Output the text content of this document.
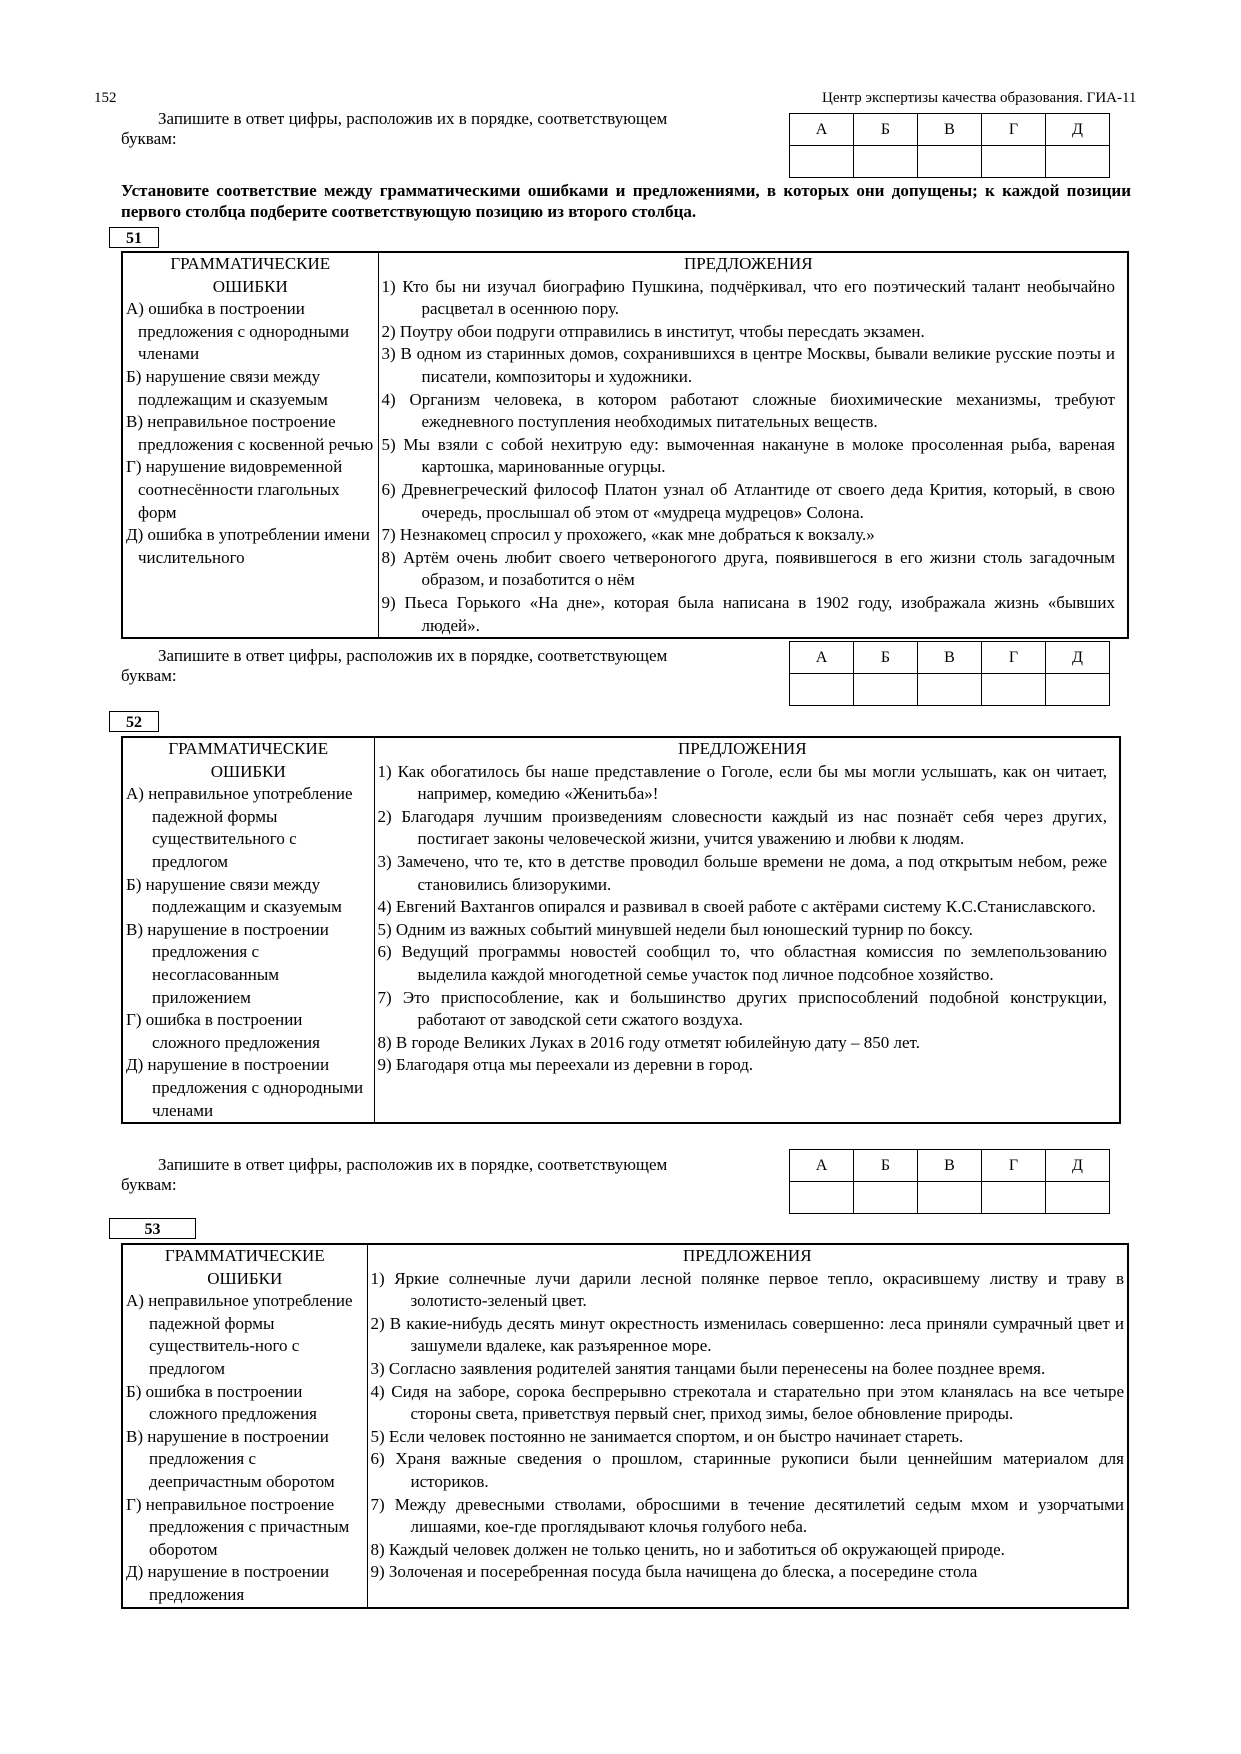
152	Центр экспертизы качества образования. ГИА-11
Запишите в ответ цифры, расположив их в порядке, соответствующем
буквам:	А	Б	В	Г	Д

Установите соответствие между грамматическими ошибками и предложениями, в которых они допущены; к каждой позиции первого столбца подберите соответствующую позицию из второго столбца.
51
ГРАММАТИЧЕСКИЕ ОШИБКИ
А) ошибка в построении предложения с однородными членами
Б) нарушение связи между подлежащим и сказуемым
В) неправильное построение предложения с косвенной речью
Г) нарушение видовременной соотнесённости глагольных форм
Д) ошибка в употреблении имени числительного

ПРЕДЛОЖЕНИЯ
1) Кто бы ни изучал биографию Пушкина, подчёркивал, что его поэтический талант необычайно расцветал в осеннюю пору.
2) Поутру обои подруги отправились в институт, чтобы пересдать экзамен.
3) В одном из старинных домов, сохранившихся в центре Москвы, бывали великие русские поэты и писатели, композиторы и художники.
4) Организм человека, в котором работают сложные биохимические механизмы, требуют ежедневного поступления необходимых питательных веществ.
5) Мы взяли с собой нехитрую еду: вымоченная накануне в молоке просоленная рыба, вареная картошка, маринованные огурцы.
6) Древнегреческий философ Платон узнал об Атлантиде от своего деда Крития, который, в свою очередь, прослышал об этом от «мудреца мудрецов» Солона.
7) Незнакомец спросил у прохожего, «как мне добраться к вокзалу.»
8) Артём очень любит своего четвероногого друга, появившегося в его жизни столь загадочным образом, и позаботится о нём
9) Пьеса Горького «На дне», которая была написана в 1902 году, изображала жизнь «бывших людей».
Запишите в ответ цифры, расположив их в порядке, соответствующем
буквам:
А	Б	В	Г	Д

52
ГРАММАТИЧЕСКИЕ ОШИБКИ
А) неправильное употребление падежной формы существительного с предлогом
Б) нарушение связи между подлежащим и сказуемым
В) нарушение в построении предложения с несогласованным приложением
Г) ошибка в построении сложного предложения
Д) нарушение в построении предложения с однородными членами

ПРЕДЛОЖЕНИЯ
1) Как обогатилось бы наше представление о Гоголе, если бы мы могли услышать, как он читает, например, комедию «Женитьба»!
2) Благодаря лучшим произведениям словесности каждый из нас познаёт себя через других, постигает законы человеческой жизни, учится уважению и любви к людям.
3) Замечено, что те, кто в детстве проводил больше времени не дома, а под открытым небом, реже становились близорукими.
4) Евгений Вахтангов опирался и развивал в своей работе с актёрами систему К.С.Станиславского.
5) Одним из важных событий минувшей недели был юношеский турнир по боксу.
6) Ведущий программы новостей сообщил то, что областная комиссия по землепользованию выделила каждой многодетной семье участок под личное подсобное хозяйство.
7) Это приспособление, как и большинство других приспособлений подобной конструкции, работают от заводской сети сжатого воздуха.
8) В городе Великих Луках в 2016 году отметят юбилейную дату – 850 лет.
9) Благодаря отца мы переехали из деревни в город.
Запишите в ответ цифры, расположив их в порядке, соответствующем
буквам:
А	Б	В	Г	Д

53
ГРАММАТИЧЕСКИЕ ОШИБКИ
А) неправильное употребление падежной формы существитель-ного с предлогом
Б) ошибка в построении сложного предложения
В) нарушение в построении предложения с деепричастным оборотом
Г) неправильное построение предложения с причастным оборотом
Д) нарушение в построении предложения

ПРЕДЛОЖЕНИЯ
1) Яркие солнечные лучи дарили лесной полянке первое тепло, окрасившему листву и траву в золотисто-зеленый цвет.
2) В какие-нибудь десять минут окрестность изменилась совершенно: леса приняли сумрачный цвет и зашумели вдалеке, как разъяренное море.
3) Согласно заявления родителей занятия танцами были перенесены на более позднее время.
4) Сидя на заборе, сорока беспрерывно стрекотала и старательно при этом кланялась на все четыре стороны света, приветствуя первый снег, приход зимы, белое обновление природы.
5) Если человек постоянно не занимается спортом, и он быстро начинает стареть.
6) Храня важные сведения о прошлом, старинные рукописи были ценнейшим материалом для историков.
7) Между древесными стволами, обросшими в течение десятилетий седым мхом и узорчатыми лишаями, кое-где проглядывают клочья голубого неба.
8) Каждый человек должен не только ценить, но и заботиться об окружающей природе.
9) Золоченая и посеребренная посуда была начищена до блеска, а посередине стола
